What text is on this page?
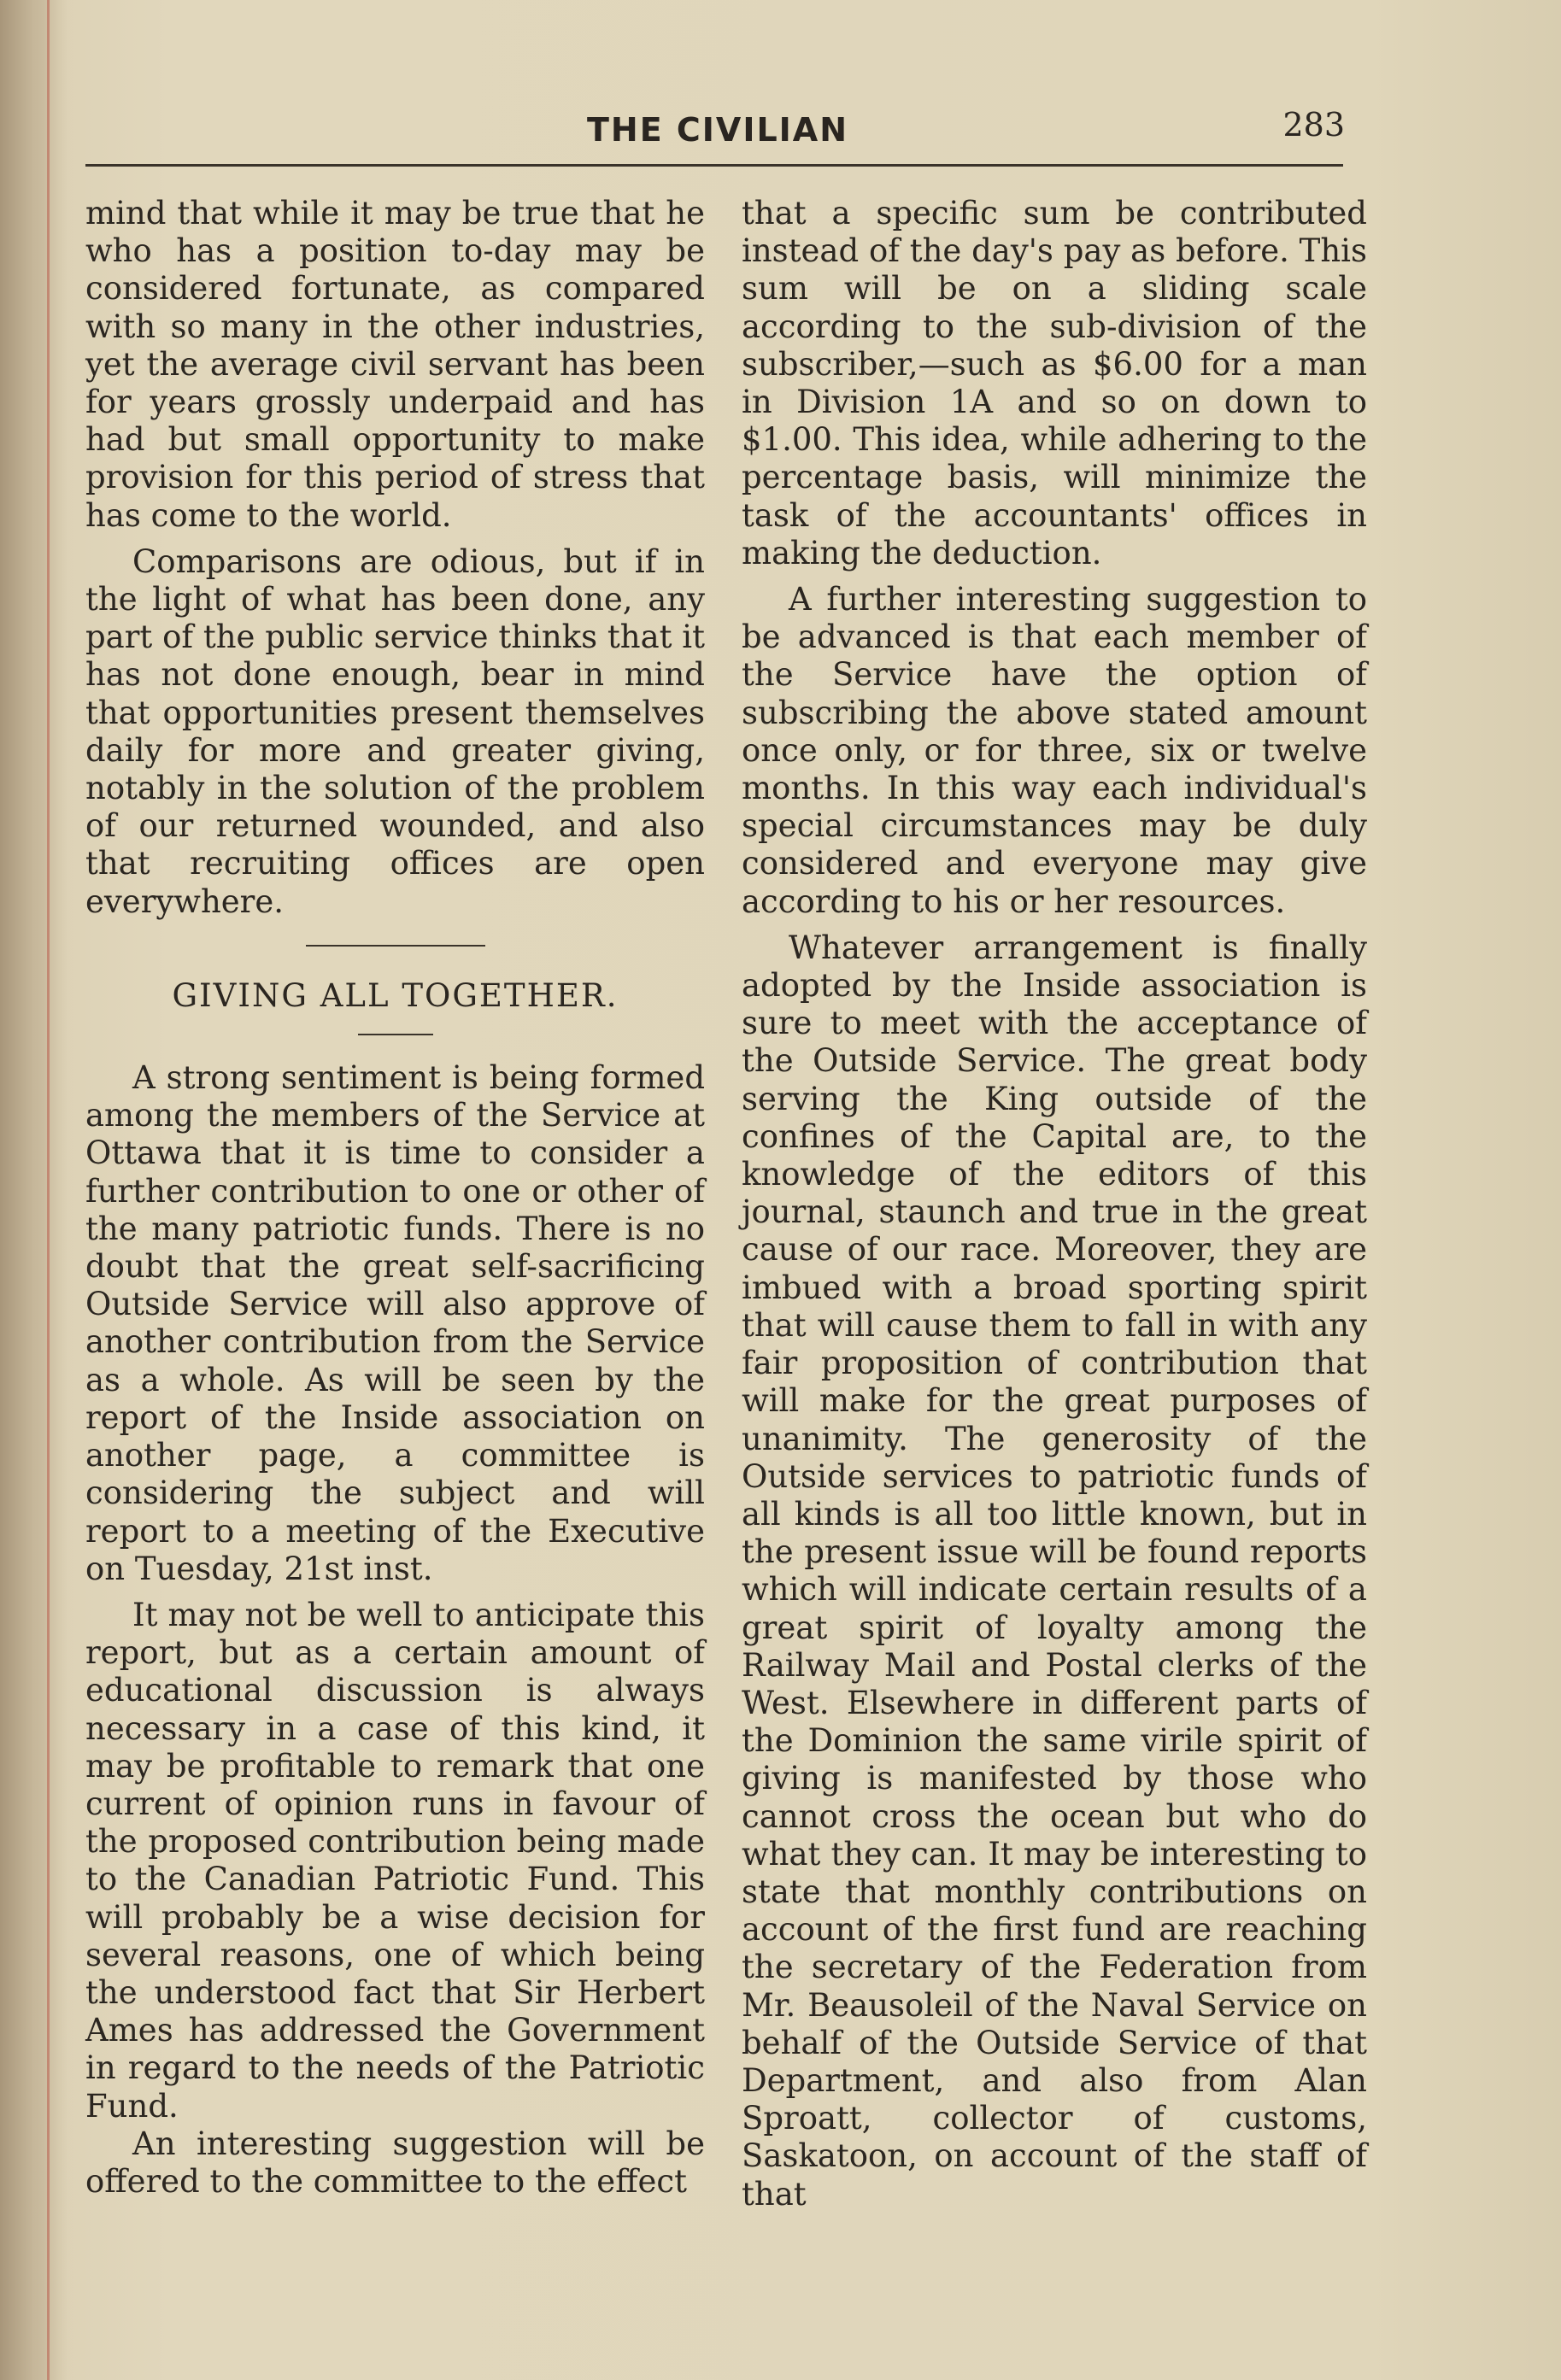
THE CIVILIAN	283

mind that while it may be true that he who has a position to-day may be considered fortunate, as compared with so many in the other industries, yet the average civil servant has been for years grossly underpaid and has had but small opportunity to make provision for this period of stress that has come to the world.

Comparisons are odious, but if in the light of what has been done, any part of the public service thinks that it has not done enough, bear in mind that opportunities present themselves daily for more and greater giving, notably in the solution of the problem of our returned wounded, and also that recruiting offices are open everywhere.

GIVING ALL TOGETHER.

A strong sentiment is being formed among the members of the Service at Ottawa that it is time to consider a further contribution to one or other of the many patriotic funds. There is no doubt that the great self-sacrificing Outside Service will also approve of another contribution from the Service as a whole. As will be seen by the report of the Inside association on another page, a committee is considering the subject and will report to a meeting of the Executive on Tuesday, 21st inst.

It may not be well to anticipate this report, but as a certain amount of educational discussion is always necessary in a case of this kind, it may be profitable to remark that one current of opinion runs in favour of the proposed contribution being made to the Canadian Patriotic Fund. This will probably be a wise decision for several reasons, one of which being the understood fact that Sir Herbert Ames has addressed the Government in regard to the needs of the Patriotic Fund.

An interesting suggestion will be offered to the committee to the effect

that a specific sum be contributed instead of the day's pay as before. This sum will be on a sliding scale according to the sub-division of the subscriber,—such as $6.00 for a man in Division 1A and so on down to $1.00. This idea, while adhering to the percentage basis, will minimize the task of the accountants' offices in making the deduction.

A further interesting suggestion to be advanced is that each member of the Service have the option of subscribing the above stated amount once only, or for three, six or twelve months. In this way each individual's special circumstances may be duly considered and everyone may give according to his or her resources.

Whatever arrangement is finally adopted by the Inside association is sure to meet with the acceptance of the Outside Service. The great body serving the King outside of the confines of the Capital are, to the knowledge of the editors of this journal, staunch and true in the great cause of our race. Moreover, they are imbued with a broad sporting spirit that will cause them to fall in with any fair proposition of contribution that will make for the great purposes of unanimity. The generosity of the Outside services to patriotic funds of all kinds is all too little known, but in the present issue will be found reports which will indicate certain results of a great spirit of loyalty among the Railway Mail and Postal clerks of the West. Elsewhere in different parts of the Dominion the same virile spirit of giving is manifested by those who cannot cross the ocean but who do what they can. It may be interesting to state that monthly contributions on account of the first fund are reaching the secretary of the Federation from Mr. Beausoleil of the Naval Service on behalf of the Outside Service of that Department, and also from Alan Sproatt, collector of customs, Saskatoon, on account of the staff of that
